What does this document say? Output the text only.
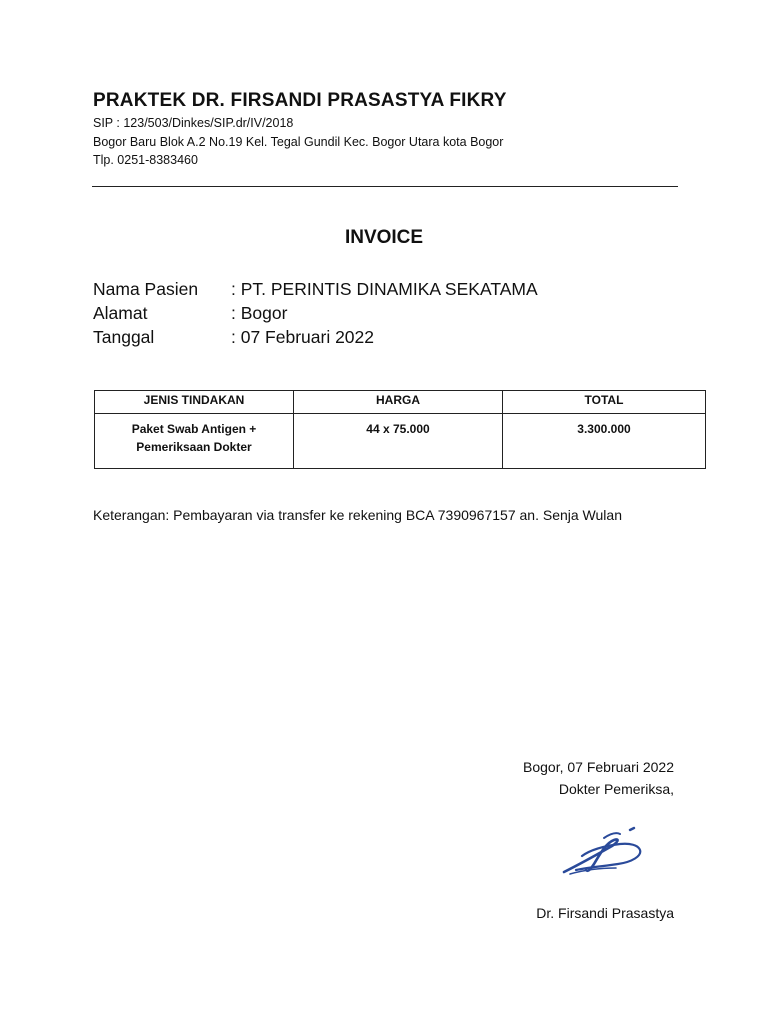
PRAKTEK DR. FIRSANDI PRASASTYA FIKRY
SIP : 123/503/Dinkes/SIP.dr/IV/2018
Bogor Baru Blok A.2 No.19 Kel. Tegal Gundil Kec. Bogor Utara kota Bogor
Tlp. 0251-8383460
INVOICE
Nama Pasien : PT. PERINTIS DINAMIKA SEKATAMA
Alamat	: Bogor
Tanggal	: 07 Februari 2022
JENIS TINDAKAN	HARGA	TOTAL

Paket Swab Antigen +
Pemeriksaan Dokter	44 x 75.000	3.300.000
Keterangan: Pembayaran via transfer ke rekening BCA 7390967157 an. Senja Wulan
Bogor, 07 Februari 2022
Dokter Pemeriksa,
Dr. Firsandi Prasastya
